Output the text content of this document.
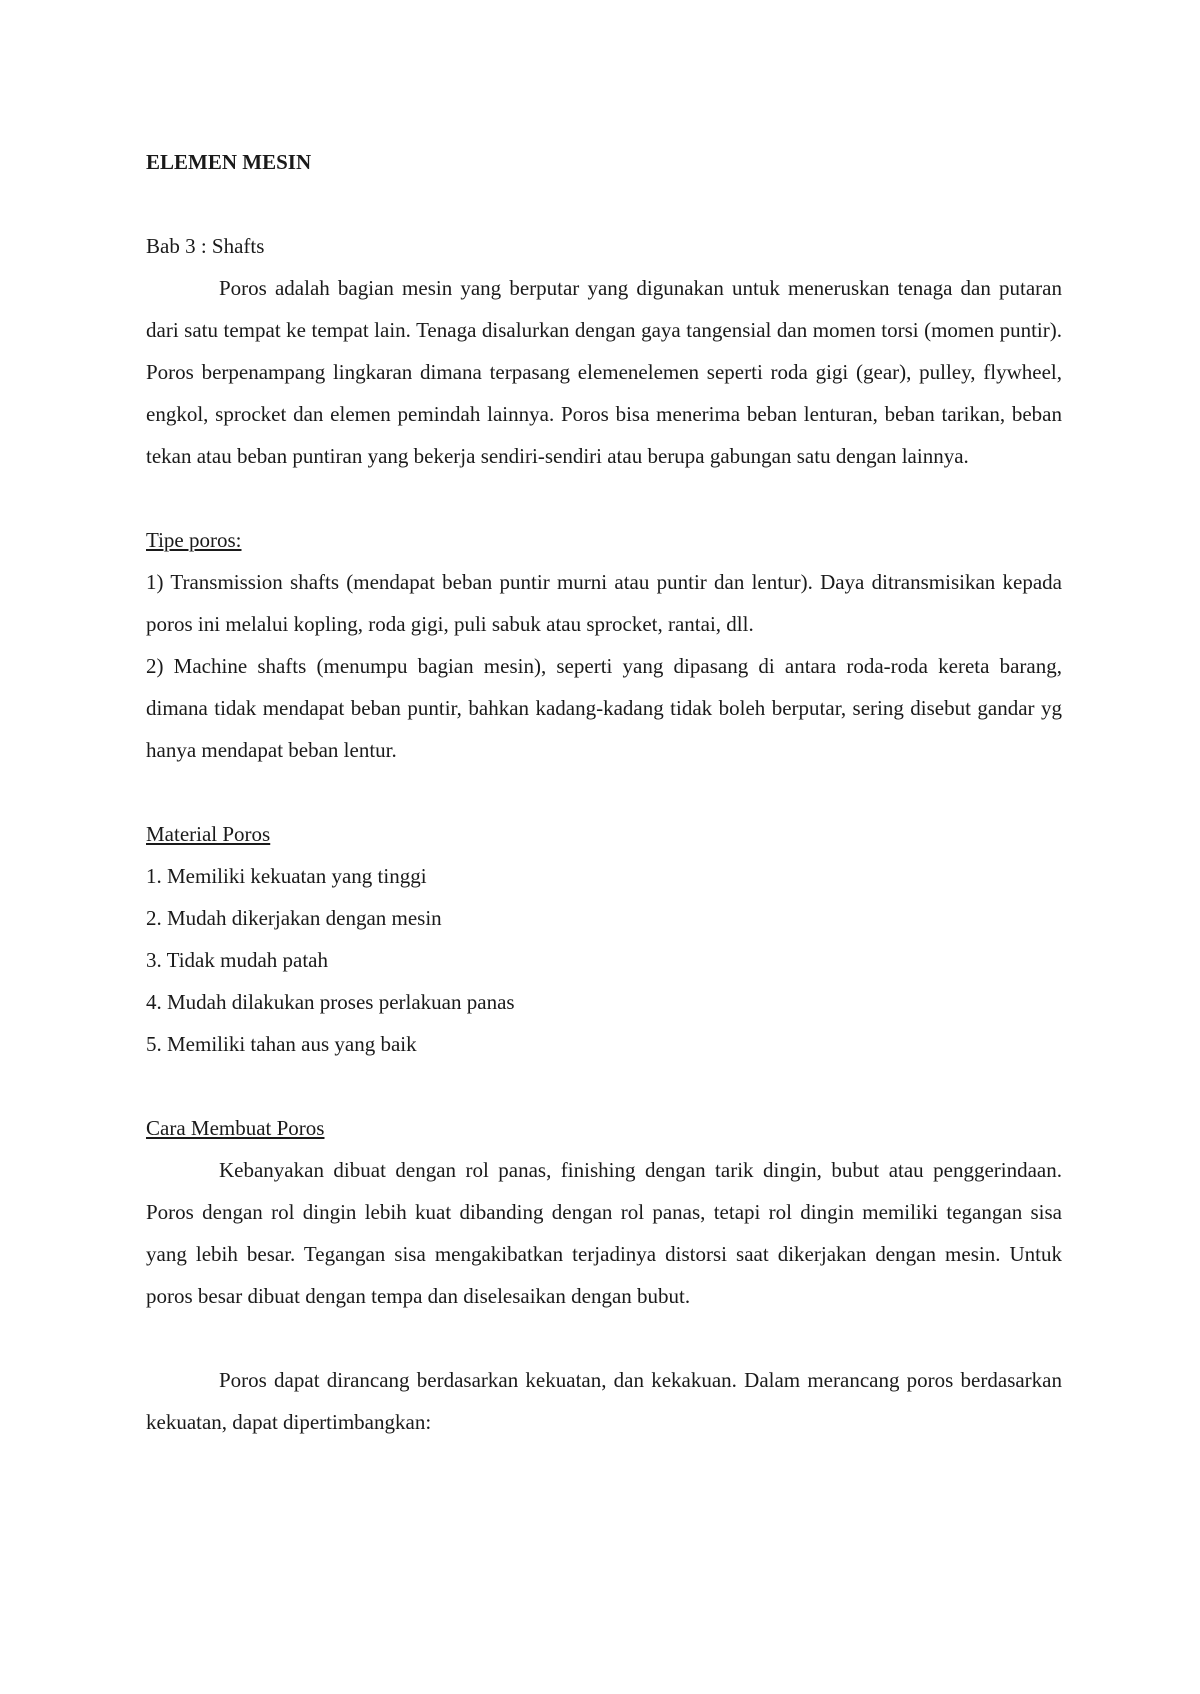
ELEMEN MESIN

Bab 3 : Shafts

Poros adalah bagian mesin yang berputar yang digunakan untuk meneruskan tenaga dan putaran dari satu tempat ke tempat lain. Tenaga disalurkan dengan gaya tangensial dan momen torsi (momen puntir). Poros berpenampang lingkaran dimana terpasang elemenelemen seperti roda gigi (gear), pulley, flywheel, engkol, sprocket dan elemen pemindah lainnya. Poros bisa menerima beban lenturan, beban tarikan, beban tekan atau beban puntiran yang bekerja sendiri-sendiri atau berupa gabungan satu dengan lainnya.

Tipe poros:

1) Transmission shafts (mendapat beban puntir murni atau puntir dan lentur). Daya ditransmisikan kepada poros ini melalui kopling, roda gigi, puli sabuk atau sprocket, rantai, dll.

2) Machine shafts (menumpu bagian mesin), seperti yang dipasang di antara roda-roda kereta barang, dimana tidak mendapat beban puntir, bahkan kadang-kadang tidak boleh berputar, sering disebut gandar yg hanya mendapat beban lentur.

Material Poros

1. Memiliki kekuatan yang tinggi

2. Mudah dikerjakan dengan mesin

3. Tidak mudah patah

4. Mudah dilakukan proses perlakuan panas

5. Memiliki tahan aus yang baik

Cara Membuat Poros

Kebanyakan dibuat dengan rol panas, finishing dengan tarik dingin, bubut atau penggerindaan. Poros dengan rol dingin lebih kuat dibanding dengan rol panas, tetapi rol dingin memiliki tegangan sisa yang lebih besar. Tegangan sisa mengakibatkan terjadinya distorsi saat dikerjakan dengan mesin. Untuk poros besar dibuat dengan tempa dan diselesaikan dengan bubut.

Poros dapat dirancang berdasarkan kekuatan, dan kekakuan. Dalam merancang poros berdasarkan kekuatan, dapat dipertimbangkan:
